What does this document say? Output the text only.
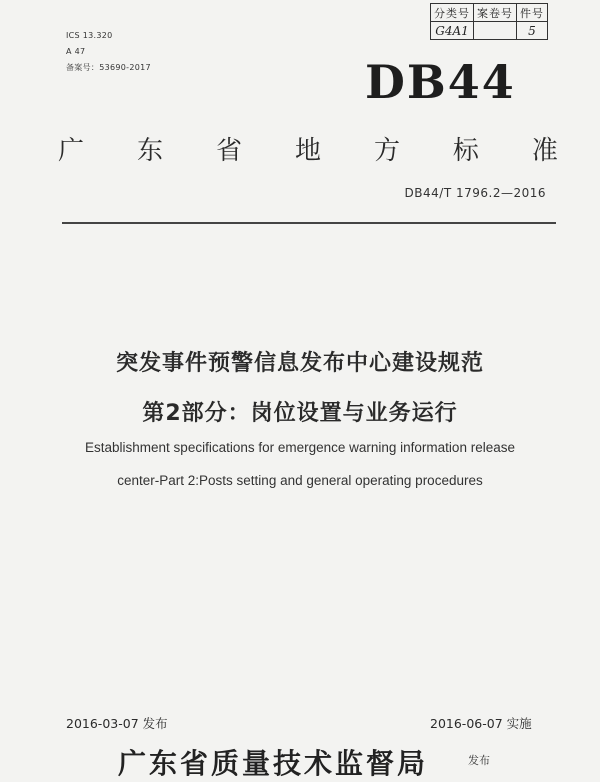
ICS 13.320
A 47
备案号：53690-2017
分类号	案卷号	件号
G4A1		5
DB44
广 东 省 地 方 标 准
DB44/T 1796.2—2016
突发事件预警信息发布中心建设规范
第2部分：岗位设置与业务运行
Establishment specifications for emergence warning information release
center-Part 2:Posts setting and general operating procedures
2016-03-07 发布	2016-06-07 实施
广东省质量技术监督局	发布
